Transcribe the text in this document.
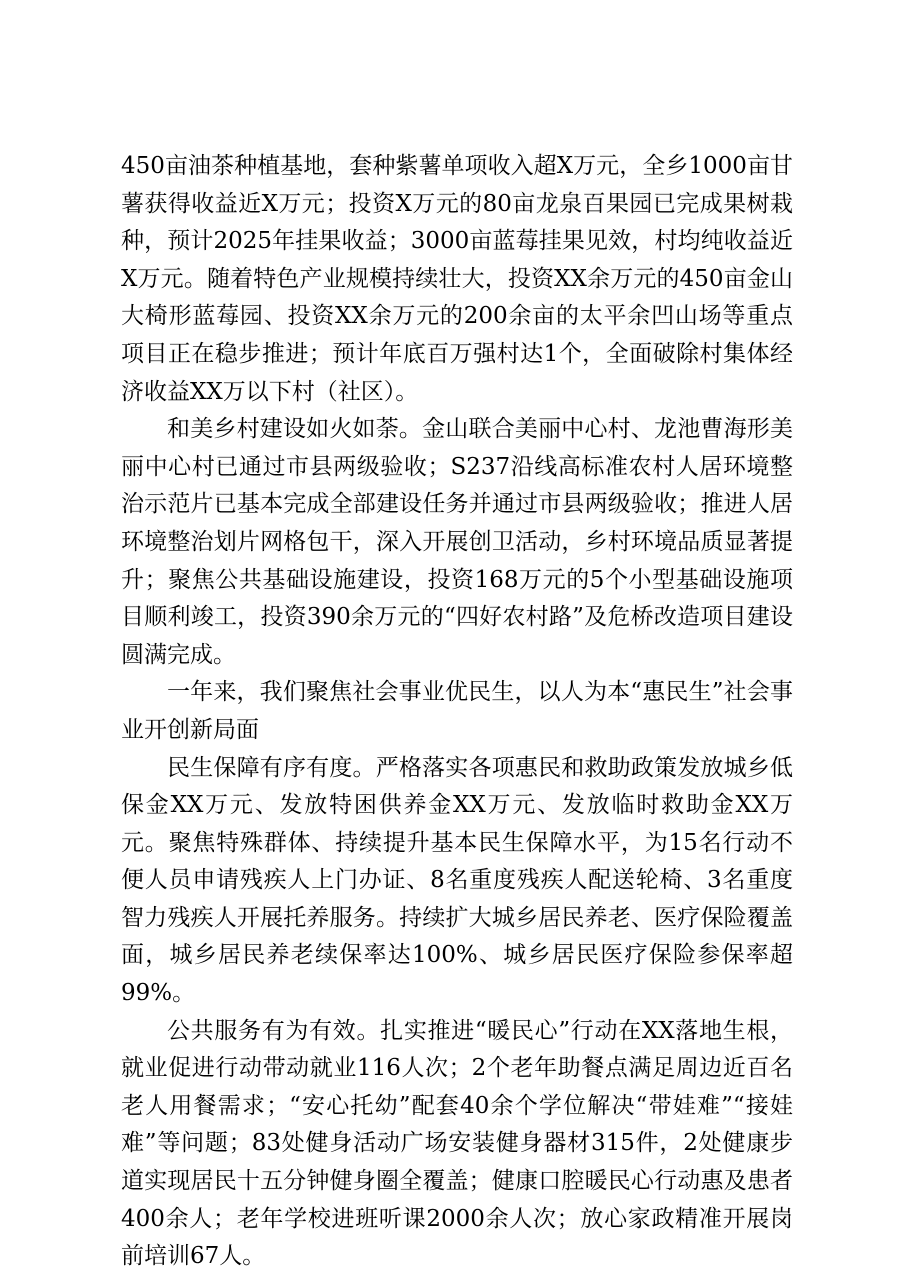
450亩油茶种植基地，套种紫薯单项收入超X万元，全乡1000亩甘薯获得收益近X万元；投资X万元的80亩龙泉百果园已完成果树栽种，预计2025年挂果收益；3000亩蓝莓挂果见效，村均纯收益近X万元。随着特色产业规模持续壮大，投资XX余万元的450亩金山大椅形蓝莓园、投资XX余万元的200余亩的太平余凹山场等重点项目正在稳步推进；预计年底百万强村达1个，全面破除村集体经济收益XX万以下村（社区）。

和美乡村建设如火如荼。金山联合美丽中心村、龙池曹海形美丽中心村已通过市县两级验收；S237沿线高标准农村人居环境整治示范片已基本完成全部建设任务并通过市县两级验收；推进人居环境整治划片网格包干，深入开展创卫活动，乡村环境品质显著提升；聚焦公共基础设施建设，投资168万元的5个小型基础设施项目顺利竣工，投资390余万元的“四好农村路”及危桥改造项目建设圆满完成。

一年来，我们聚焦社会事业优民生，以人为本“惠民生”社会事业开创新局面

民生保障有序有度。严格落实各项惠民和救助政策发放城乡低保金XX万元、发放特困供养金XX万元、发放临时救助金XX万元。聚焦特殊群体、持续提升基本民生保障水平，为15名行动不便人员申请残疾人上门办证、8名重度残疾人配送轮椅、3名重度智力残疾人开展托养服务。持续扩大城乡居民养老、医疗保险覆盖面，城乡居民养老续保率达100%、城乡居民医疗保险参保率超99%。

公共服务有为有效。扎实推进“暖民心”行动在XX落地生根，就业促进行动带动就业116人次；2个老年助餐点满足周边近百名老人用餐需求；“安心托幼”配套40余个学位解决“带娃难”“接娃难”等问题；83处健身活动广场安装健身器材315件，2处健康步道实现居民十五分钟健身圈全覆盖；健康口腔暖民心行动惠及患者400余人；老年学校进班听课2000余人次；放心家政精准开展岗前培训67人。
